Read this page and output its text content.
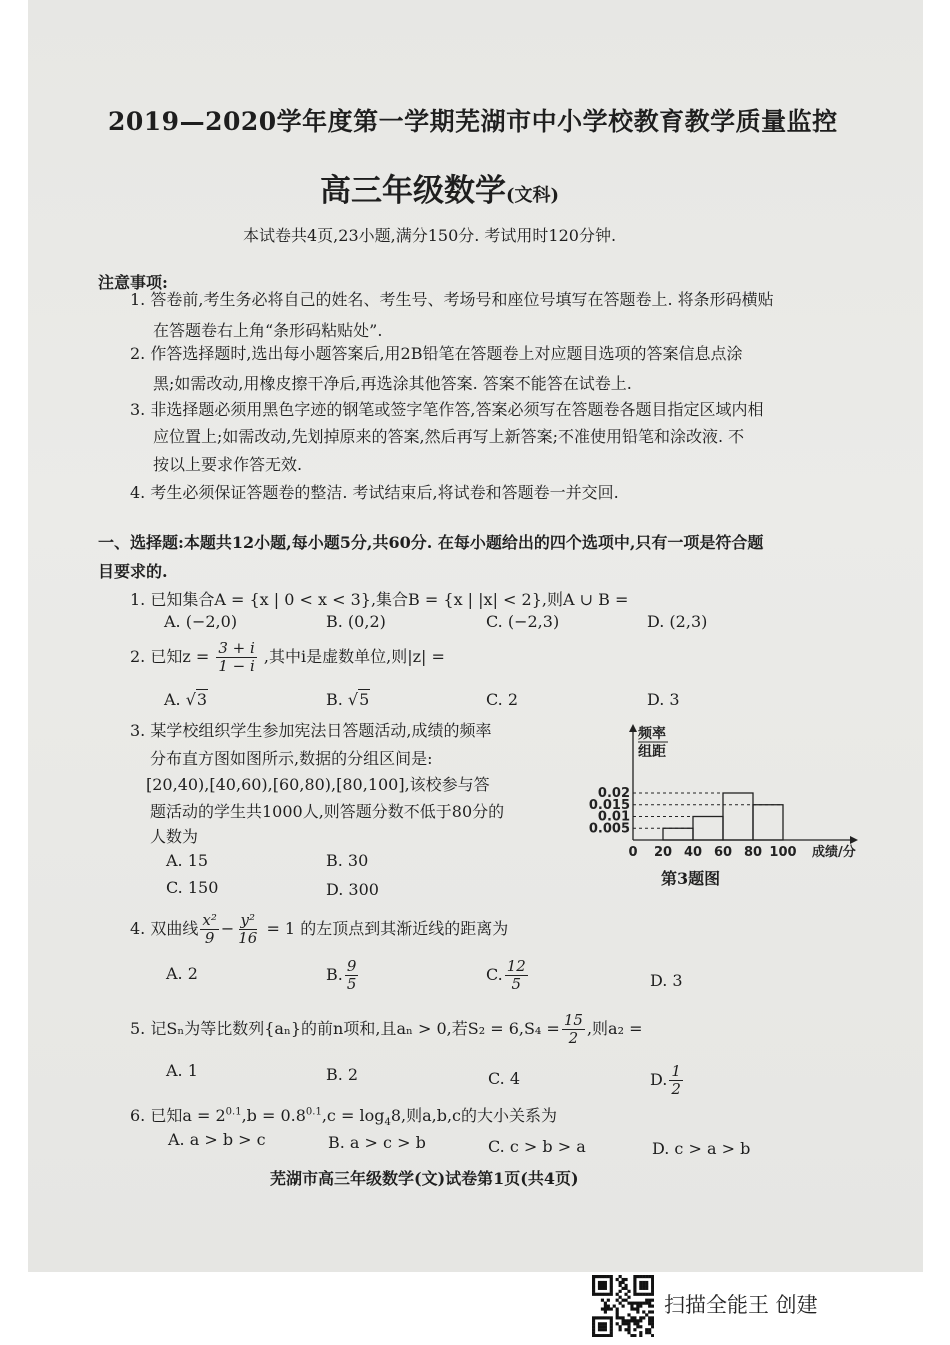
2019—2020学年度第一学期芜湖市中小学校教育教学质量监控
高三年级数学(文科)
本试卷共4页,23小题,满分150分. 考试用时120分钟.
注意事项:
1. 答卷前,考生务必将自己的姓名、考生号、考场号和座位号填写在答题卷上. 将条形码横贴
在答题卷右上角“条形码粘贴处”.
2. 作答选择题时,选出每小题答案后,用2B铅笔在答题卷上对应题目选项的答案信息点涂
黑;如需改动,用橡皮擦干净后,再选涂其他答案. 答案不能答在试卷上.
3. 非选择题必须用黑色字迹的钢笔或签字笔作答,答案必须写在答题卷各题目指定区域内相
应位置上;如需改动,先划掉原来的答案,然后再写上新答案;不准使用铅笔和涂改液. 不
按以上要求作答无效.
4. 考生必须保证答题卷的整洁. 考试结束后,将试卷和答题卷一并交回.
一、选择题:本题共12小题,每小题5分,共60分. 在每小题给出的四个选项中,只有一项是符合题
目要求的.
1. 已知集合A = {x | 0 < x < 3},集合B = {x | |x| < 2},则A ∪ B =
A. (−2,0)	B. (0,2)	C. (−2,3)	D. (2,3)
2. 已知$z = \frac{3 + i}{1 - i}$ ,其中i是虚数单位,则|z| =
A. √3	B. √5	C. 2	D. 3
3. 某学校组织学生参加宪法日答题活动,成绩的频率
分布直方图如图所示,数据的分组区间是:
[20,40),[40,60),[60,80),[80,100],该校参与答
题活动的学生共1000人,则答题分数不低于80分的
人数为
A. 15	B. 30
C. 150	D. 300
0.02
0.015
0.01
0.005
0 20 40 60 80 100
频率
组距
成绩/分
第3题图
4. 双曲线 $\frac{\text{x²}}{9} - \frac{\text{y²}}{16} = 1$ 的左顶点到其渐近线的距离为
A. 2	B. $\frac{9}{5}$	C. $\frac{12}{5}$	D. 3
5. 记Sₙ为等比数列{aₙ}的前n项和,且aₙ > 0,若$S_2 = 6,S_4 = \frac{15}{2}$ ,则a₂ =
A. 1	B. 2	C. 4	D. $\frac{1}{2}$
6. 已知$a = 2^{0.1},b = 0.8^{0.1},c = \log_48$,则a,b,c的大小关系为
A. a > b > c	B. a > c > b	C. c > b > a	D. c > a > b
芜湖市高三年级数学(文)试卷第1页(共4页)
扫描全能王 创建
